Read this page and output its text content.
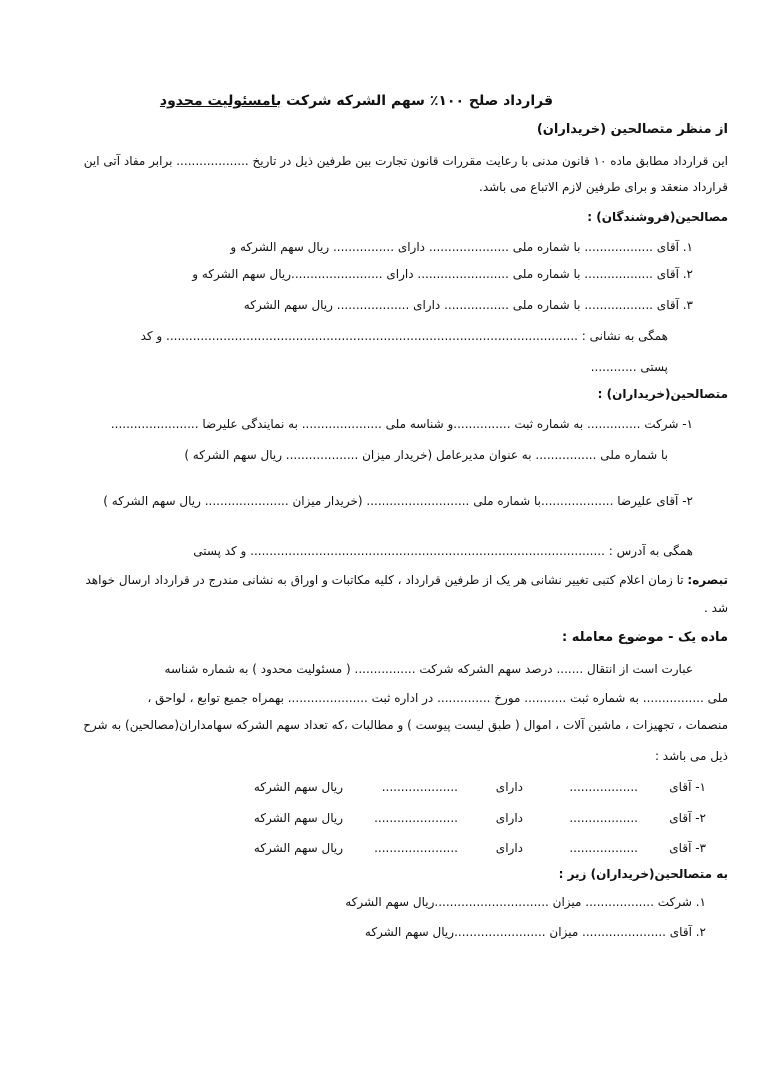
قرارداد صلح ۱۰۰٪ سهم الشرکه شرکت بامسئولیت محدود
از منظر متصالحین (خریداران)
این قرارداد مطابق ماده ۱۰ قانون مدنی با رعایت مقررات قانون تجارت بین طرفین ذیل در تاریخ ................... برابر مفاد آتی این
قرارداد منعقد و برای طرفین لازم الاتباع می باشد.
مصالحین(فروشندگان) :
۱. آقای .................. با شماره ملی ..................... دارای ................ ریال سهم الشرکه و
۲. آقای .................. با شماره ملی ........................ دارای ........................ریال سهم الشرکه و
۳. آقای .................. با شماره ملی ................. دارای ................... ریال سهم الشرکه
همگی به نشانی : ............................................................................................................ و کد
پستی ............
متصالحین(خریداران) :
۱- شرکت .............. به شماره ثبت ...............و شناسه ملی ..................... به نمایندگی علیرضا .......................
با شماره ملی ................ به عنوان مدیرعامل (خریدار میزان ................... ریال سهم الشرکه )
۲- آقای علیرضا ...................با شماره ملی ........................... (خریدار میزان ...................... ریال سهم الشرکه )
همگی به آدرس : ............................................................................................. و کد پستی
تبصره: تا زمان اعلام کتبی تغییر نشانی هر یک از طرفین قرارداد ، کلیه مکاتبات و اوراق به نشانی مندرج در قرارداد ارسال خواهد
شد .
ماده یک - موضوع معامله :
عبارت است از انتقال ....... درصد سهم الشرکه شرکت ................ ( مسئولیت محدود ) به شماره شناسه
ملی ................ به شماره ثبت ........... مورخ .............. در اداره ثبت ..................... بهمراه جمیع توابع ، لواحق ،
منصمات ، تجهیزات ، ماشین آلات ، اموال ( طبق لیست پیوست ) و مطالبات ،که تعداد سهم الشرکه سهامداران(مصالحین) به شرح
ذیل می باشد :
۱- آقای
..................
دارای
....................
ریال سهم الشرکه
۲- آقای
..................
دارای
......................
ریال سهم الشرکه
۳- آقای
..................
دارای
......................
ریال سهم الشرکه
به متصالحین(خریداران) زیر :
۱. شرکت .................. میزان ..............................ریال سهم الشرکه
۲. آقای ...................... میزان ........................ریال سهم الشرکه
